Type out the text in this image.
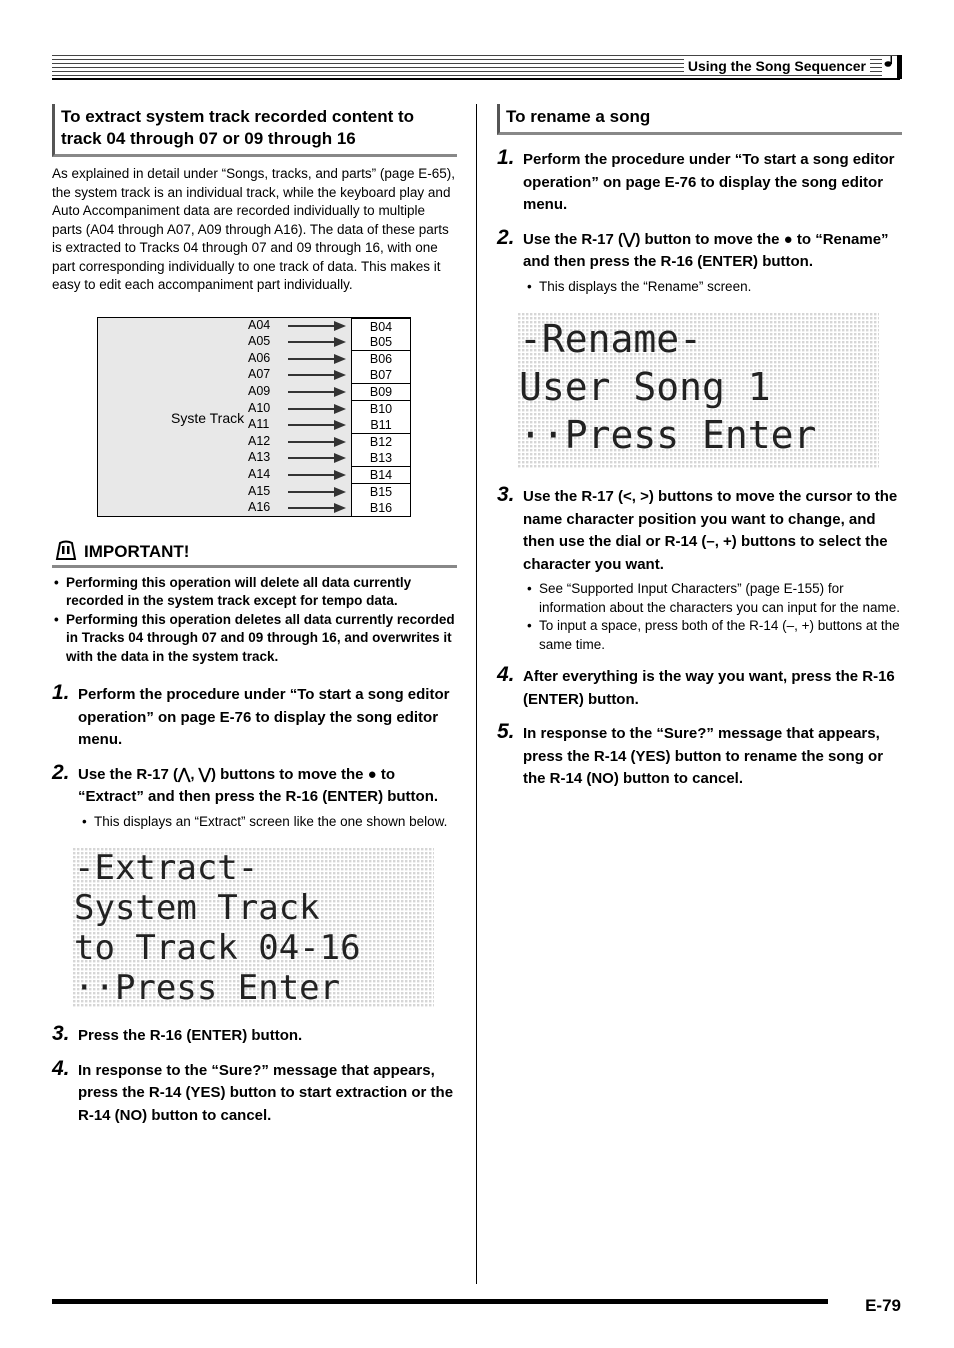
Using the Song Sequencer
To extract system track recorded content to track 04 through 07 or 09 through 16
As explained in detail under “Songs, tracks, and parts” (page E-65), the system track is an individual track, while the keyboard play and Auto Accompaniment data are recorded individually to multiple parts (A04 through A07, A09 through A16). The data of these parts is extracted to Tracks 04 through 07 and 09 through 16, with one part corresponding individually to one track of data. This makes it easy to edit each accompaniment part individually.
Syste Track
A04	B04
A05	B05
A06	B06
A07	B07
A09	B09
A10	B10
A11	B11
A12	B12
A13	B13
A14	B14
A15	B15
A16	B16
IMPORTANT!
• Performing this operation will delete all data currently recorded in the system track except for tempo data.
• Performing this operation deletes all data currently recorded in Tracks 04 through 07 and 09 through 16, and overwrites it with the data in the system track.
1. Perform the procedure under “To start a song editor operation” on page E-76 to display the song editor menu.
2. Use the R-17 (⋀, ⋁) buttons to move the ● to “Extract” and then press the R-16 (ENTER) button.
• This displays an “Extract” screen like the one shown below.
-Extract-
System Track
to Track 04-16
··Press Enter
3. Press the R-16 (ENTER) button.
4. In response to the “Sure?” message that appears, press the R-14 (YES) button to start extraction or the R-14 (NO) button to cancel.
To rename a song
1. Perform the procedure under “To start a song editor operation” on page E-76 to display the song editor menu.
2. Use the R-17 (⋁) button to move the ● to “Rename” and then press the R-16 (ENTER) button.
• This displays the “Rename” screen.
-Rename-
User Song 1
··Press Enter
3. Use the R-17 (<, >) buttons to move the cursor to the name character position you want to change, and then use the dial or R-14 (–, +) buttons to select the character you want.
• See “Supported Input Characters” (page E-155) for information about the characters you can input for the name.
• To input a space, press both of the R-14 (–, +) buttons at the same time.
4. After everything is the way you want, press the R-16 (ENTER) button.
5. In response to the “Sure?” message that appears, press the R-14 (YES) button to rename the song or the R-14 (NO) button to cancel.
E-79
